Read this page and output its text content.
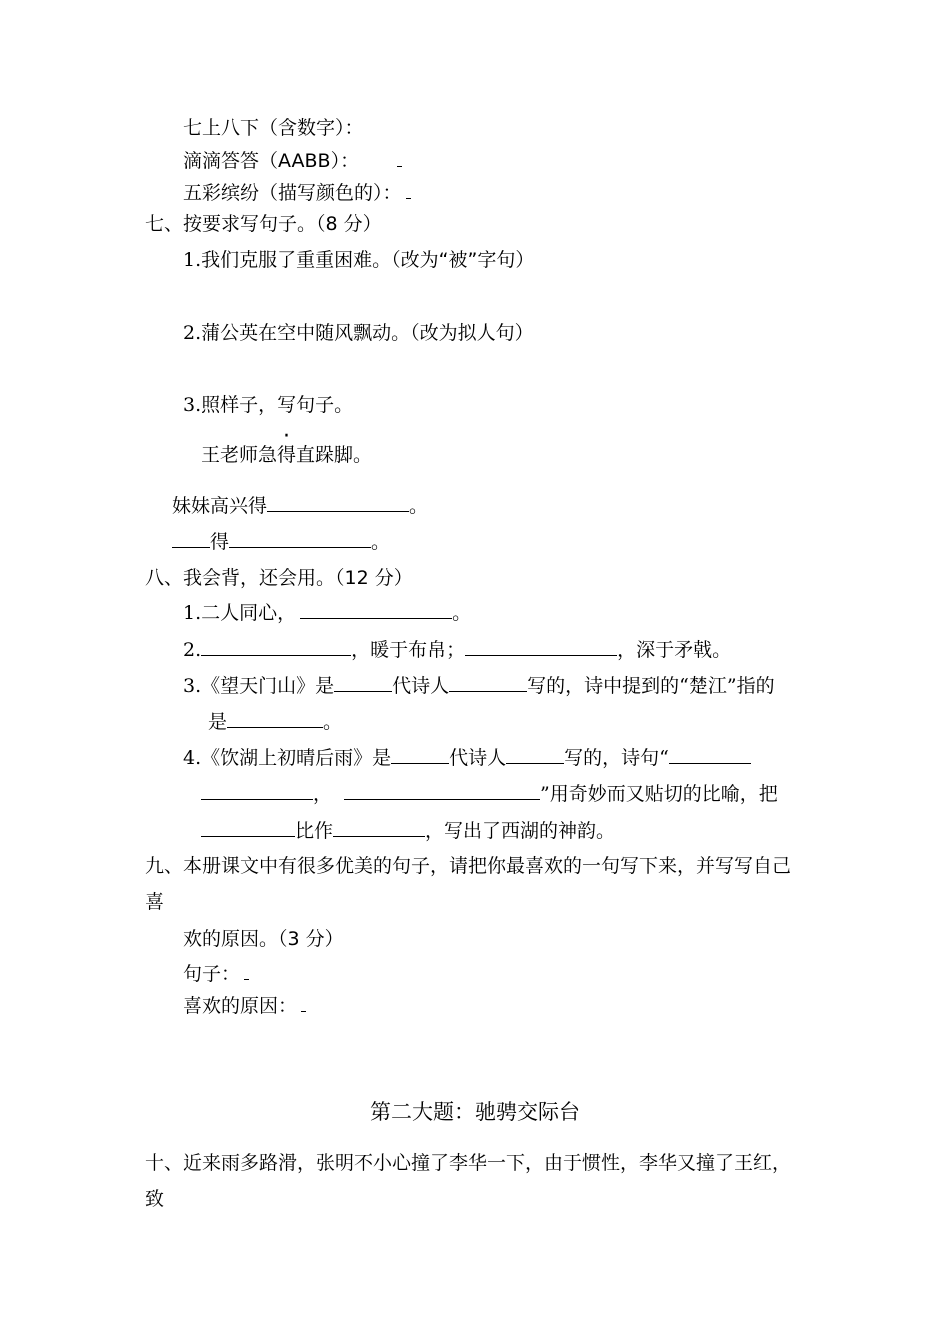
七上八下（含数字）：
滴滴答答（AABB）：
五彩缤纷（描写颜色的）：
七、按要求写句子。（8 分）
1.我们克服了重重困难。（改为“被”字句）
2.蒲公英在空中随风飘动。（改为拟人句）
3.照样子，写句子。
·
王老师急得直跺脚。
妹妹高兴得	。
得	。
八、我会背，还会用。（12 分）
1.二人同心，	。
2.	，暖于布帛；	，深于矛戟。
3.《望天门山》是	代诗人	写的，诗中提到的“楚江”指的
是	。
4.《饮湖上初晴后雨》是	代诗人	写的，诗句“
，	”用奇妙而又贴切的比喻，把
比作	，写出了西湖的神韵。
九、本册课文中有很多优美的句子，请把你最喜欢的一句写下来，并写写自己
喜
欢的原因。（3 分）
句子：
喜欢的原因：
第二大题：驰骋交际台
十、近来雨多路滑，张明不小心撞了李华一下，由于惯性，李华又撞了王红，
致
